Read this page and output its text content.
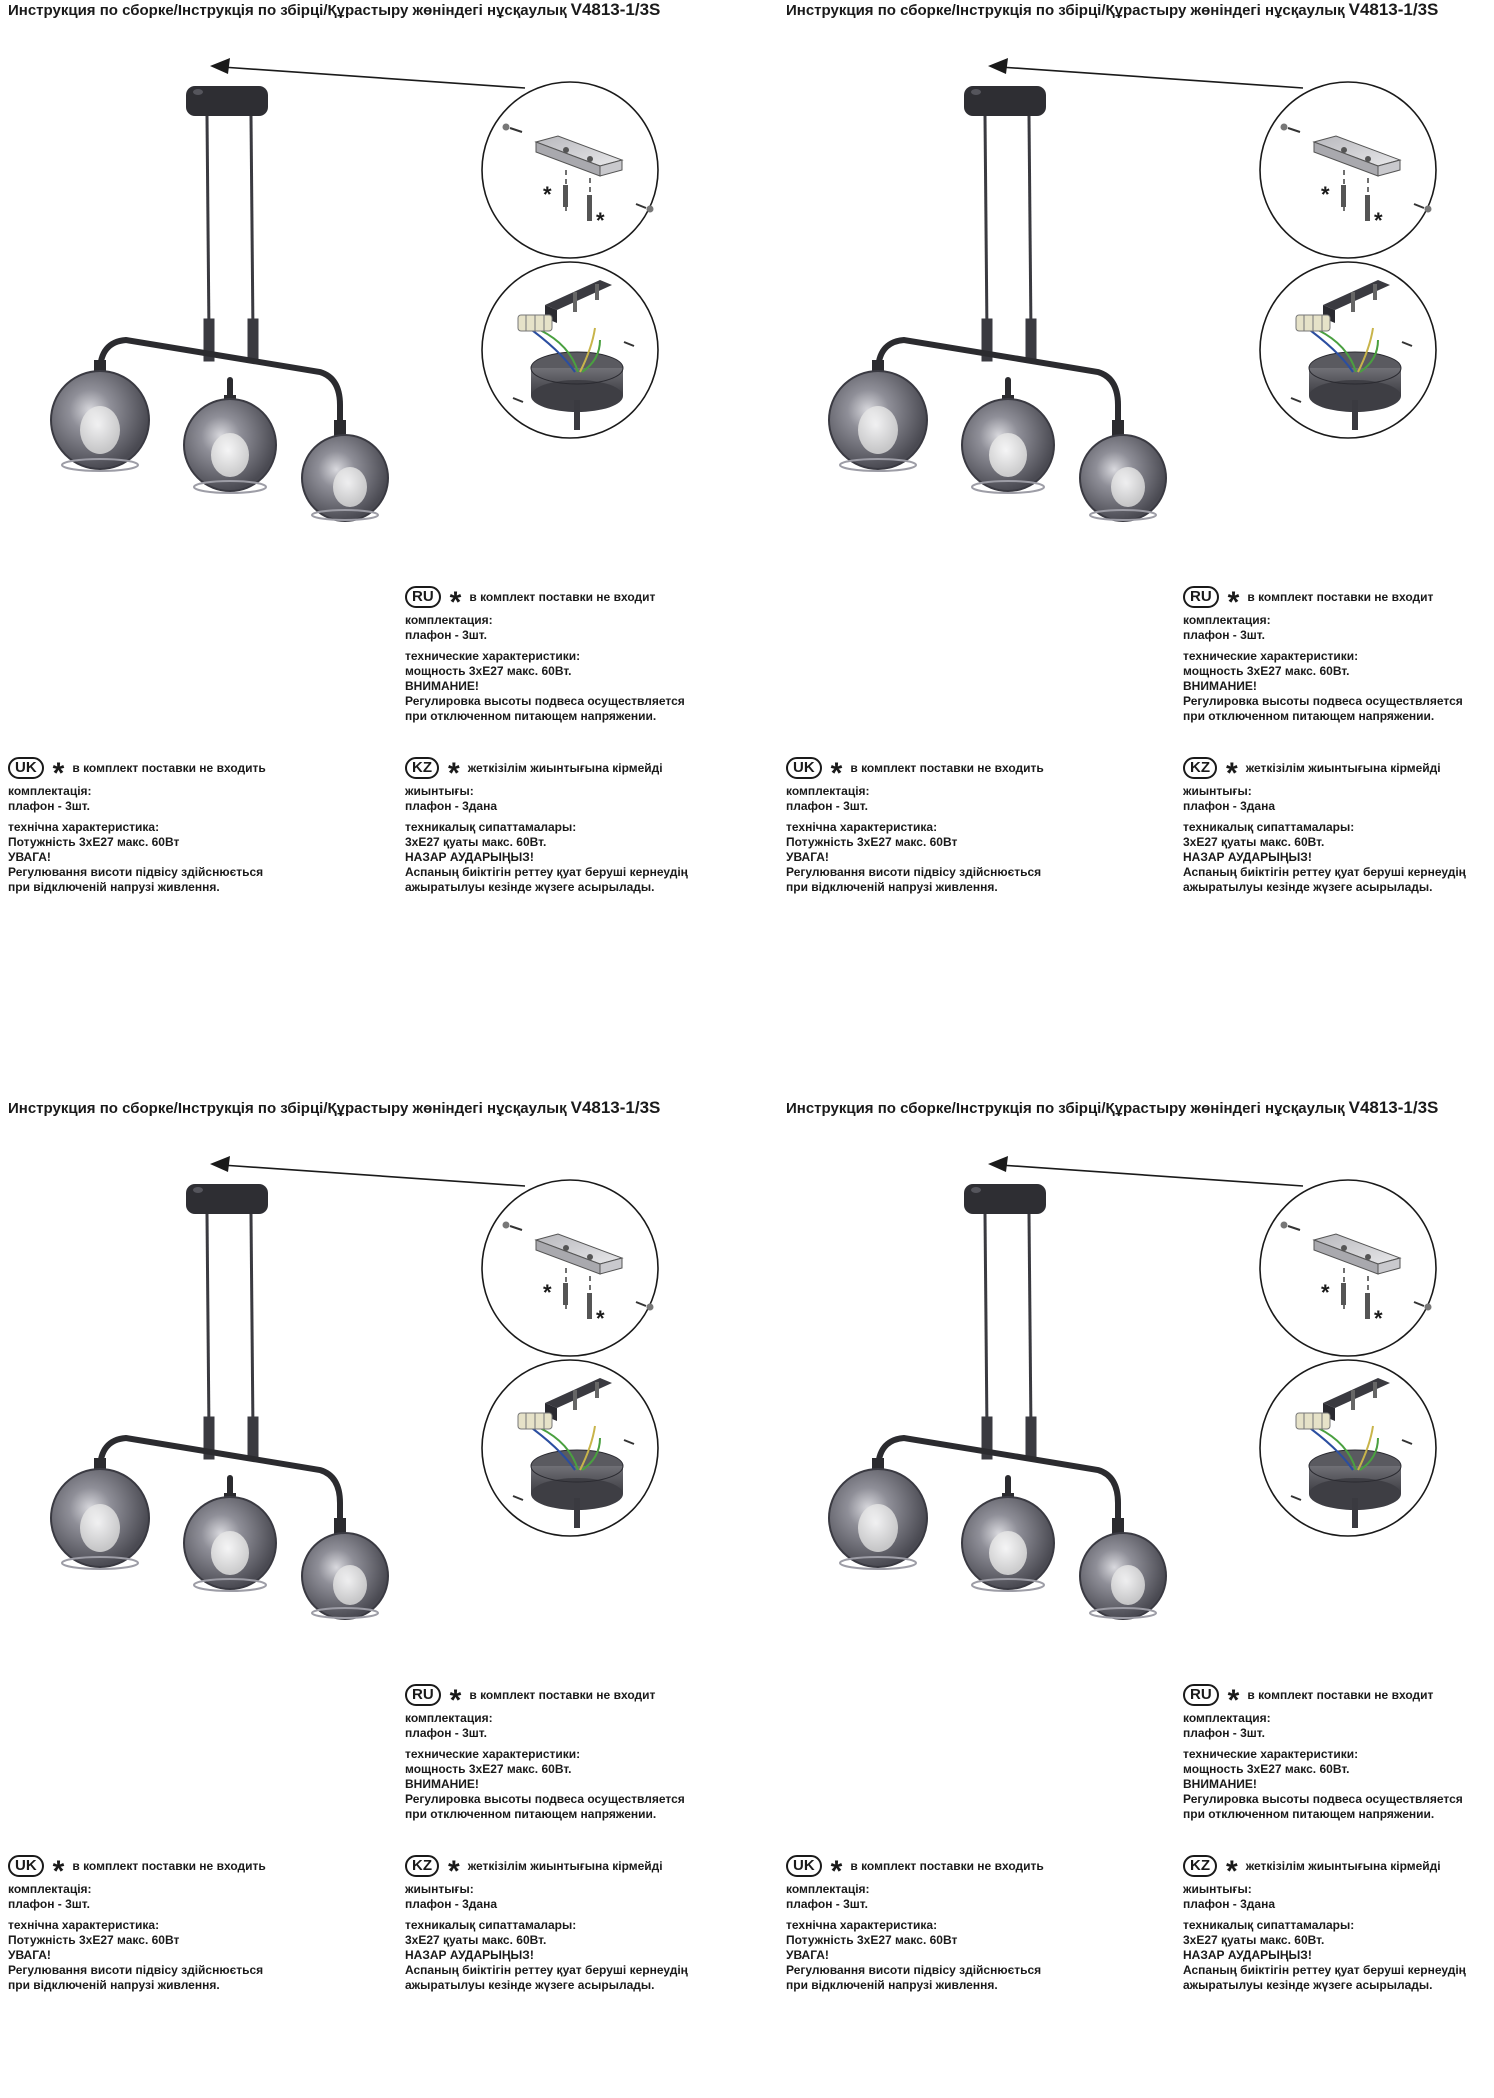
Инструкция по сборке/Інструкція по збірці/Құрастыру жөніндегі нұсқаулық V4813-1/3S
*
*
RU * в комплект поставки не входит
комплектация:
плафон - 3шт.
технические характеристики:
мощность 3хЕ27 макс. 60Вт.
ВНИМАНИЕ!
Регулировка высоты подвеса осуществляется
при отключенном питающем напряжении.
UK * в комплект поставки не входить
комплектація:
плафон - 3шт.
технічна характеристика:
Потужність 3хЕ27 макс. 60Вт
УВАГА!
Регулювання висоти підвісу здійснюється
при відключеній напрузі живлення.
KZ * жеткізілім жиынтығына кірмейді
жиынтығы:
плафон - 3дана
техникалық сипаттамалары:
3хЕ27 қуаты макс. 60Вт.
НАЗАР АУДАРЫҢЫЗ!
Аспаның биіктігін реттеу қуат беруші кернеудің
ажыратылуы кезінде жүзеге асырылады.
Инструкция по сборке/Інструкція по збірці/Құрастыру жөніндегі нұсқаулық V4813-1/3S
*
*
RU * в комплект поставки не входит
комплектация:
плафон - 3шт.
технические характеристики:
мощность 3хЕ27 макс. 60Вт.
ВНИМАНИЕ!
Регулировка высоты подвеса осуществляется
при отключенном питающем напряжении.
UK * в комплект поставки не входить
комплектація:
плафон - 3шт.
технічна характеристика:
Потужність 3хЕ27 макс. 60Вт
УВАГА!
Регулювання висоти підвісу здійснюється
при відключеній напрузі живлення.
KZ * жеткізілім жиынтығына кірмейді
жиынтығы:
плафон - 3дана
техникалық сипаттамалары:
3хЕ27 қуаты макс. 60Вт.
НАЗАР АУДАРЫҢЫЗ!
Аспаның биіктігін реттеу қуат беруші кернеудің
ажыратылуы кезінде жүзеге асырылады.
Инструкция по сборке/Інструкція по збірці/Құрастыру жөніндегі нұсқаулық V4813-1/3S
*
*
RU * в комплект поставки не входит
комплектация:
плафон - 3шт.
технические характеристики:
мощность 3хЕ27 макс. 60Вт.
ВНИМАНИЕ!
Регулировка высоты подвеса осуществляется
при отключенном питающем напряжении.
UK * в комплект поставки не входить
комплектація:
плафон - 3шт.
технічна характеристика:
Потужність 3хЕ27 макс. 60Вт
УВАГА!
Регулювання висоти підвісу здійснюється
при відключеній напрузі живлення.
KZ * жеткізілім жиынтығына кірмейді
жиынтығы:
плафон - 3дана
техникалық сипаттамалары:
3хЕ27 қуаты макс. 60Вт.
НАЗАР АУДАРЫҢЫЗ!
Аспаның биіктігін реттеу қуат беруші кернеудің
ажыратылуы кезінде жүзеге асырылады.
Инструкция по сборке/Інструкція по збірці/Құрастыру жөніндегі нұсқаулық V4813-1/3S
*
*
RU * в комплект поставки не входит
комплектация:
плафон - 3шт.
технические характеристики:
мощность 3хЕ27 макс. 60Вт.
ВНИМАНИЕ!
Регулировка высоты подвеса осуществляется
при отключенном питающем напряжении.
UK * в комплект поставки не входить
комплектація:
плафон - 3шт.
технічна характеристика:
Потужність 3хЕ27 макс. 60Вт
УВАГА!
Регулювання висоти підвісу здійснюється
при відключеній напрузі живлення.
KZ * жеткізілім жиынтығына кірмейді
жиынтығы:
плафон - 3дана
техникалық сипаттамалары:
3хЕ27 қуаты макс. 60Вт.
НАЗАР АУДАРЫҢЫЗ!
Аспаның биіктігін реттеу қуат беруші кернеудің
ажыратылуы кезінде жүзеге асырылады.
